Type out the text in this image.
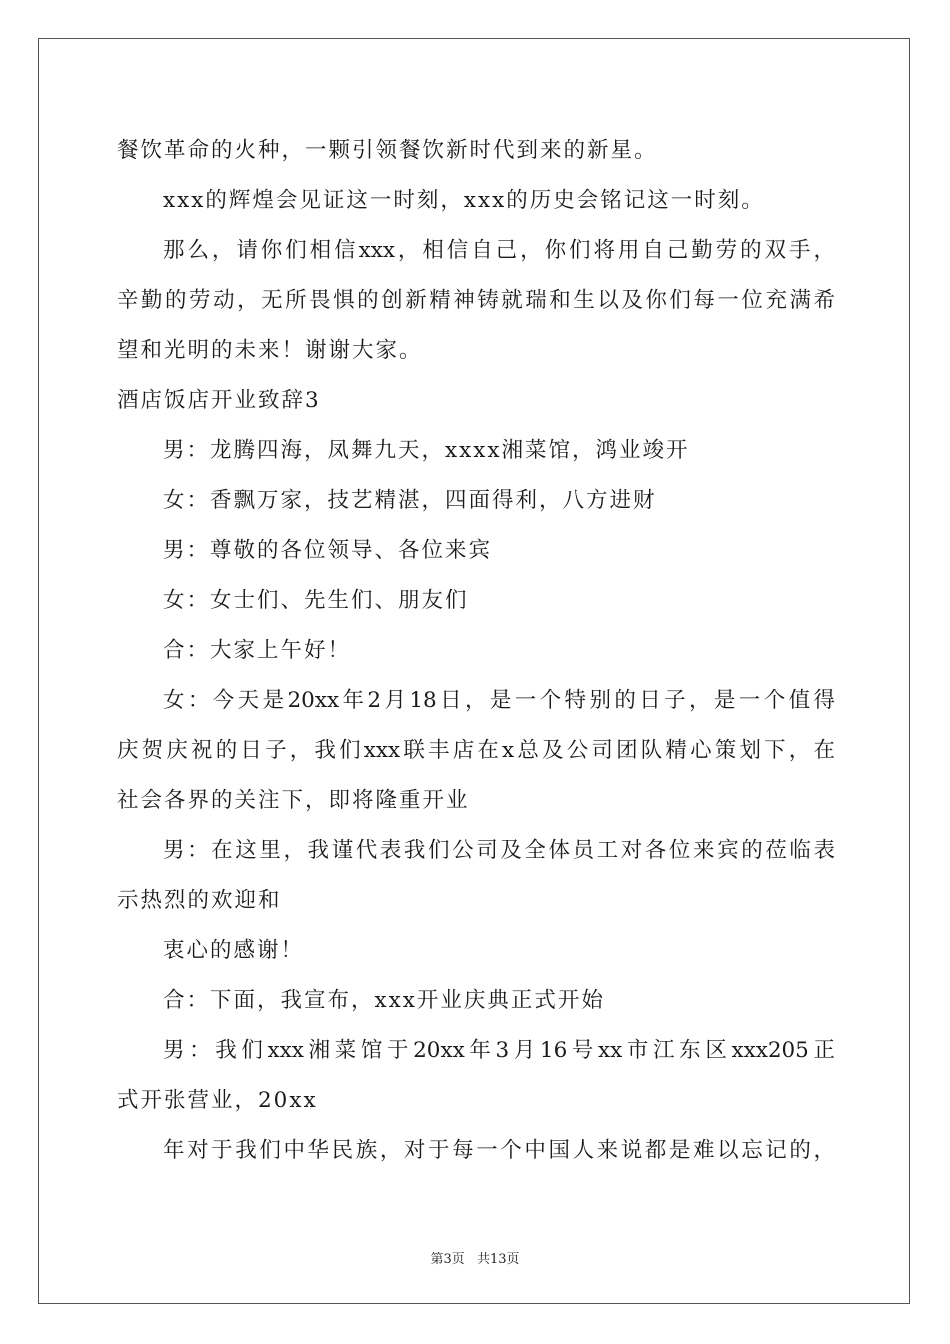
餐饮革命的火种，一颗引领餐饮新时代到来的新星。
xxx的辉煌会见证这一时刻，xxx的历史会铭记这一时刻。
那么，请你们相信xxx，相信自己，你们将用自己勤劳的双手，
辛勤的劳动，无所畏惧的创新精神铸就瑞和生以及你们每一位充满希
望和光明的未来！谢谢大家。
酒店饭店开业致辞3
男：龙腾四海，凤舞九天，xxxx湘菜馆，鸿业竣开
女：香飘万家，技艺精湛，四面得利，八方进财
男：尊敬的各位领导、各位来宾
女：女士们、先生们、朋友们
合：大家上午好！
女：今天是20xx年2月18日，是一个特别的日子，是一个值得
庆贺庆祝的日子，我们xxx联丰店在x总及公司团队精心策划下，在
社会各界的关注下，即将隆重开业
男：在这里，我谨代表我们公司及全体员工对各位来宾的莅临表
示热烈的欢迎和
衷心的感谢！
合：下面，我宣布，xxx开业庆典正式开始
男：我们xxx湘菜馆于20xx年3月16号xx市江东区xxx205正
式开张营业，20xx
年对于我们中华民族，对于每一个中国人来说都是难以忘记的，
第3页 共13页
